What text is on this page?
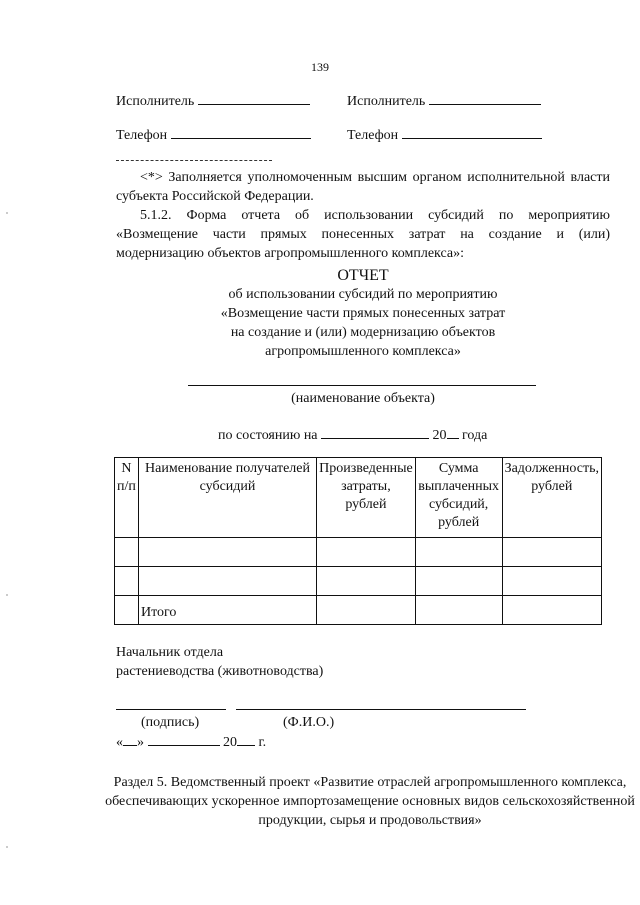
139
Исполнитель	Исполнитель
Телефон	Телефон
<*> Заполняется уполномоченным высшим органом исполнительной власти субъекта Российской Федерации.
5.1.2. Форма отчета об использовании субсидий по мероприятию «Возмещение части прямых понесенных затрат на создание и (или) модернизацию объектов агропромышленного комплекса»:
ОТЧЕТ
об использовании субсидий по мероприятию
«Возмещение части прямых понесенных затрат
на создание и (или) модернизацию объектов
агропромышленного комплекса»
(наименование объекта)
по состоянию на	20 года
N п/п	Наименование получателей субсидий	Произведенные затраты, рублей	Сумма выплаченных субсидий, рублей	Задолженность, рублей

	Итого			
Начальник отдела
растениеводства (животноводства)
(подпись)	(Ф.И.О.)
« »	20 г.
Раздел 5. Ведомственный проект «Развитие отраслей агропромышленного комплекса, обеспечивающих ускоренное импортозамещение основных видов сельскохозяйственной продукции, сырья и продовольствия»
